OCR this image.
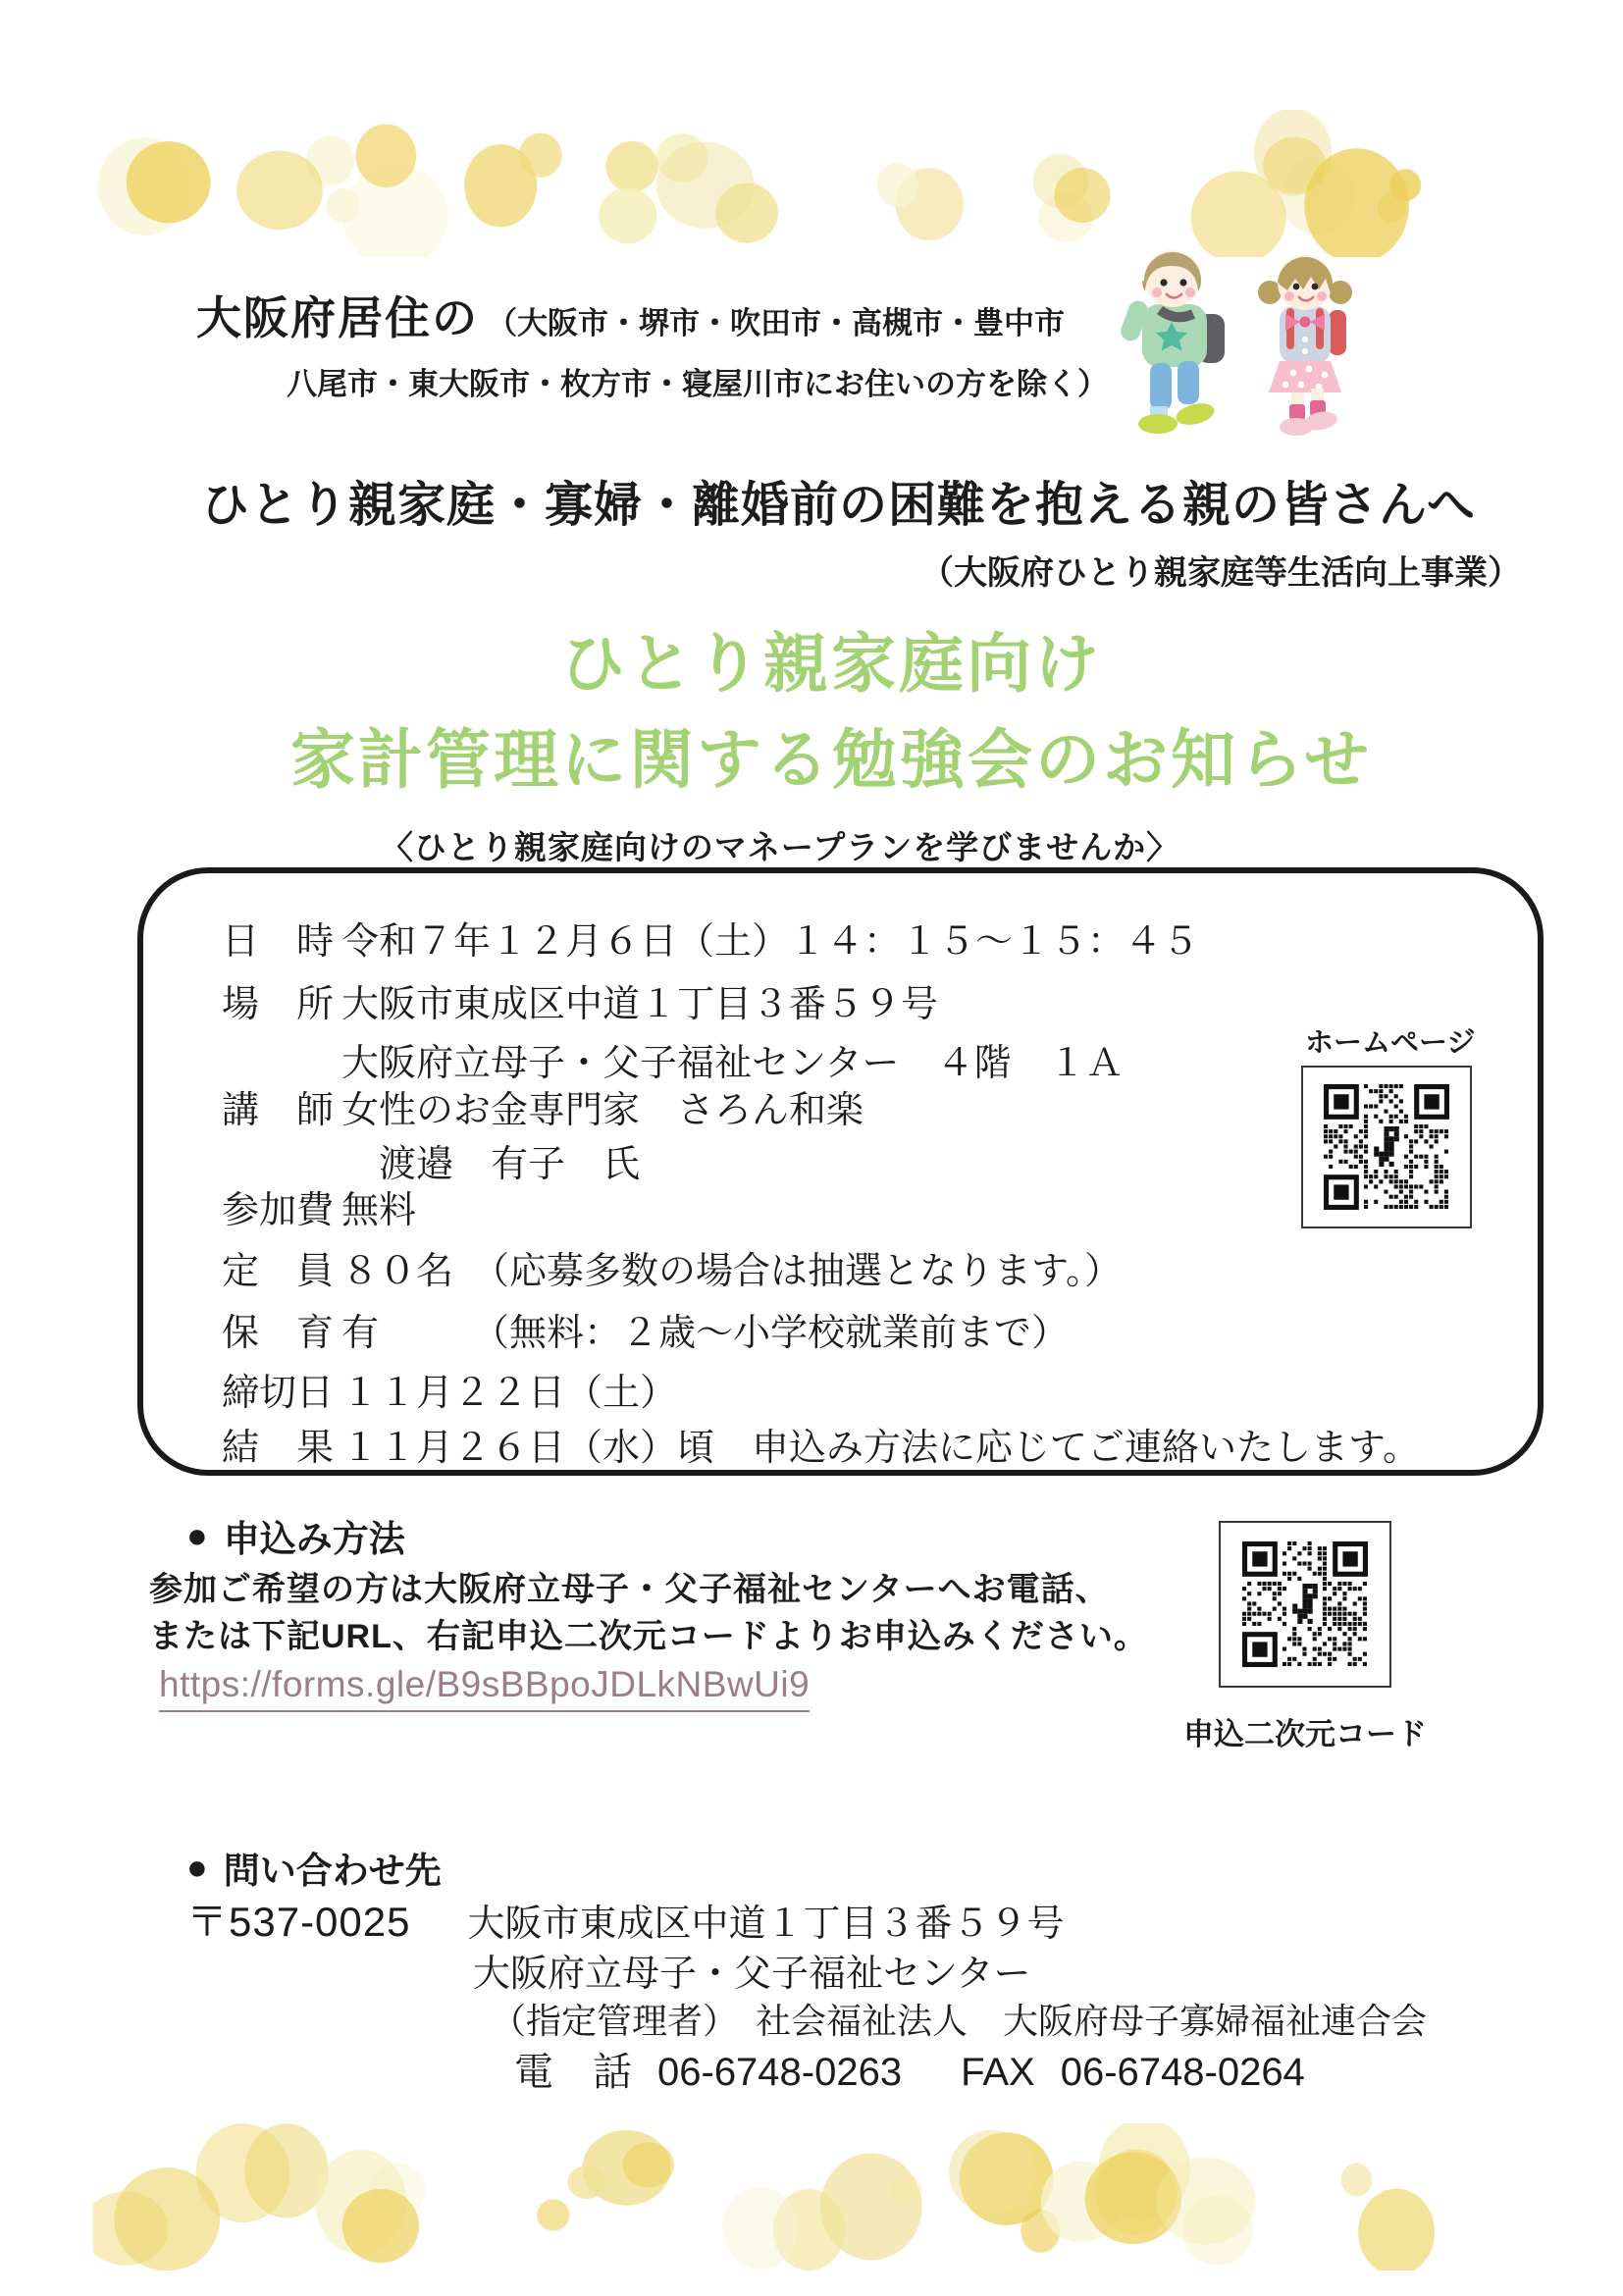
大阪府居住の （大阪市・堺市・吹田市・高槻市・豊中市
八尾市・東大阪市・枚方市・寝屋川市にお住いの方を除く）
ひとり親家庭・寡婦・離婚前の困難を抱える親の皆さんへ
（大阪府ひとり親家庭等生活向上事業）
ひとり親家庭向け
家計管理に関する勉強会のお知らせ
〈ひとり親家庭向けのマネープランを学びませんか〉
日　時 令和７年１２月６日（土）１４：１５～１５：４５
場　所 大阪市東成区中道１丁目３番５９号
大阪府立母子・父子福祉センター　４階　１Ａ
講　師 女性のお金専門家　さろん和楽
　渡邉　有子　氏
参加費 無料
定　員 ８０名　（応募多数の場合は抽選となります。）
保　育 有　　　（無料：２歳～小学校就業前まで）
締切日 １１月２２日（土）
結　果 １１月２６日（水）頃　申込み方法に応じてご連絡いたします。
ホームページ
● 申込み方法
参加ご希望の方は大阪府立母子・父子福祉センターへお電話、
または下記URL、右記申込二次元コードよりお申込みください。
https://forms.gle/B9sBBpoJDLkNBwUi9
申込二次元コード
● 問い合わせ先
〒537-0025 大阪市東成区中道１丁目３番５９号
大阪府立母子・父子福祉センター
（指定管理者）　社会福祉法人　大阪府母子寡婦福祉連合会
電　話 06-6748-0263 FAX 06-6748-0264
